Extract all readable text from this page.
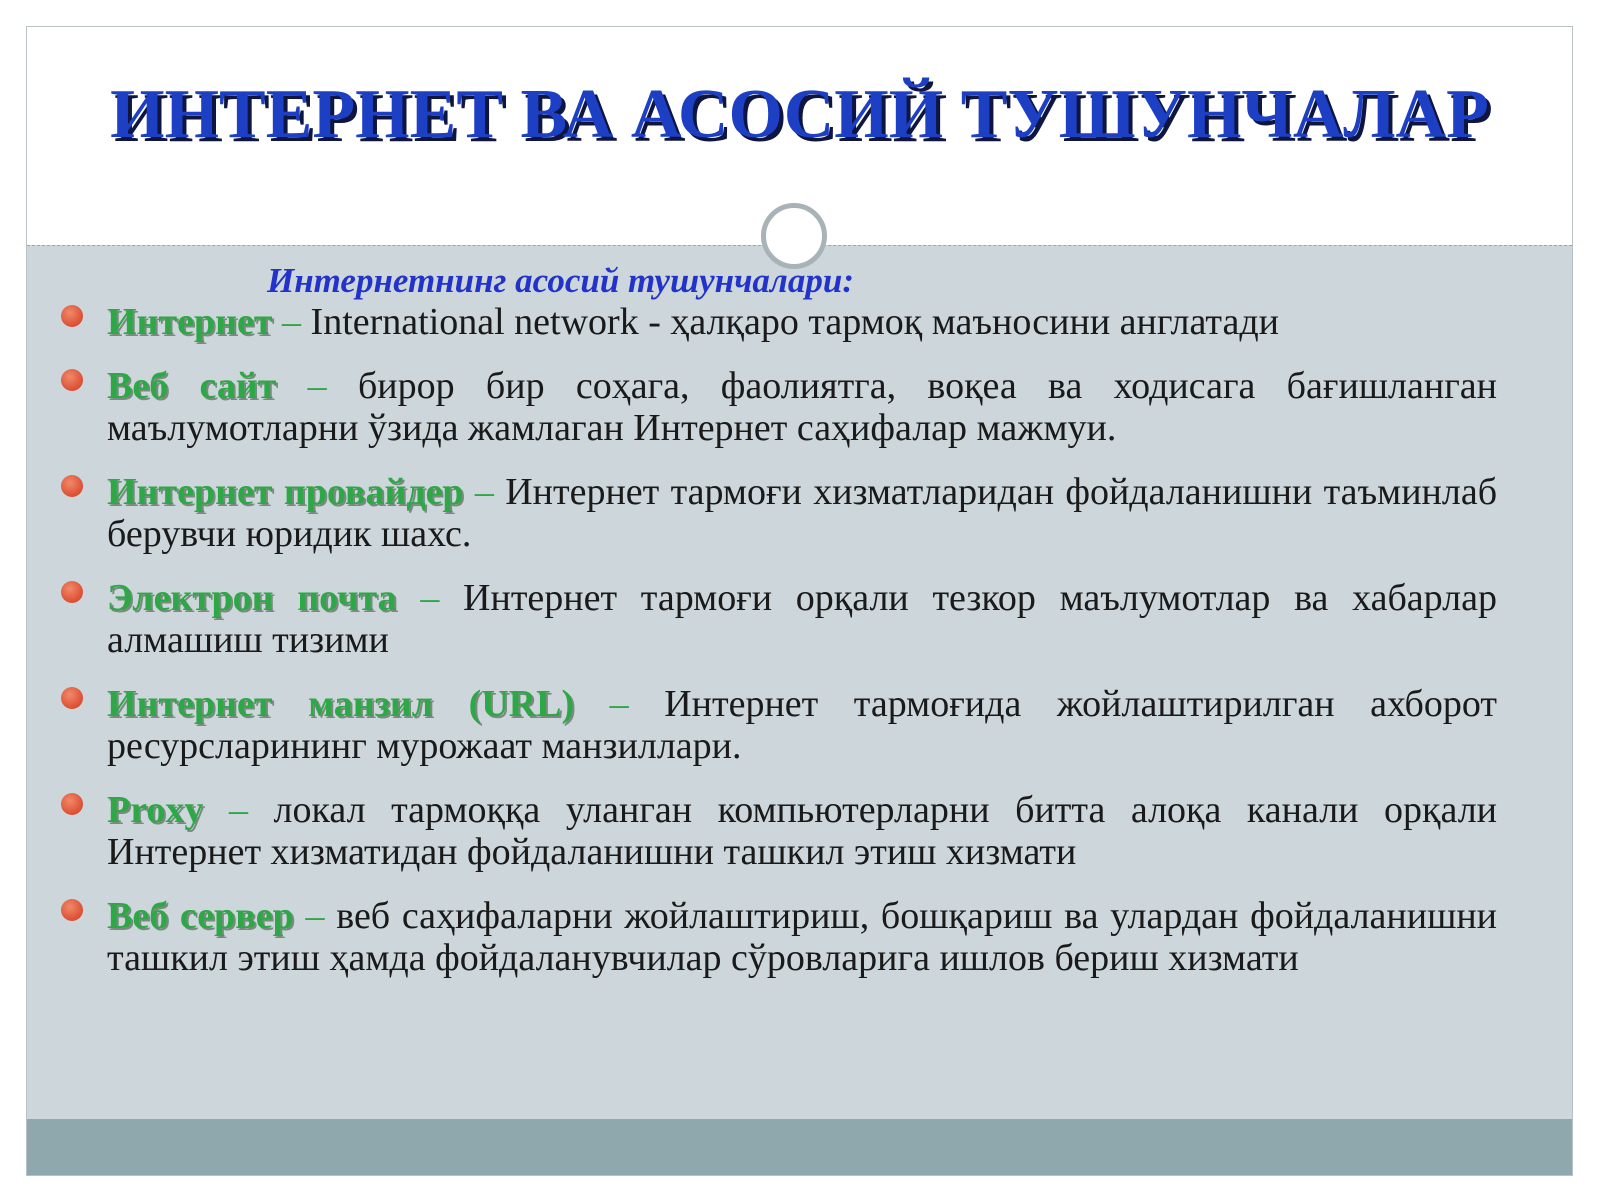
ИНТЕРНЕТ ВА АСОСИЙ ТУШУНЧАЛАР
Интернетнинг асосий тушунчалари:
Интернет – International network - ҳалқаро тармоқ маъносини англатади
Веб сайт – бирор бир соҳага, фаолиятга, воқеа ва ходисага бағишланган маълумотларни ўзида жамлаган Интернет саҳифалар мажмуи.
Интернет провайдер – Интернет тармоғи хизматларидан фойдаланишни таъминлаб берувчи юридик шахс.
Электрон почта – Интернет тармоғи орқали тезкор маълумотлар ва хабарлар алмашиш тизими
Интернет манзил (URL) – Интернет тармоғида жойлаштирилган ахборот ресурсларининг мурожаат манзиллари.
Proxy – локал тармоққа уланган компьютерларни битта алоқа канали орқали Интернет хизматидан фойдаланишни ташкил этиш хизмати
Веб сервер – веб саҳифаларни жойлаштириш, бошқариш ва улардан фойдаланишни ташкил этиш ҳамда фойдаланувчилар сўровларига ишлов бериш хизмати
